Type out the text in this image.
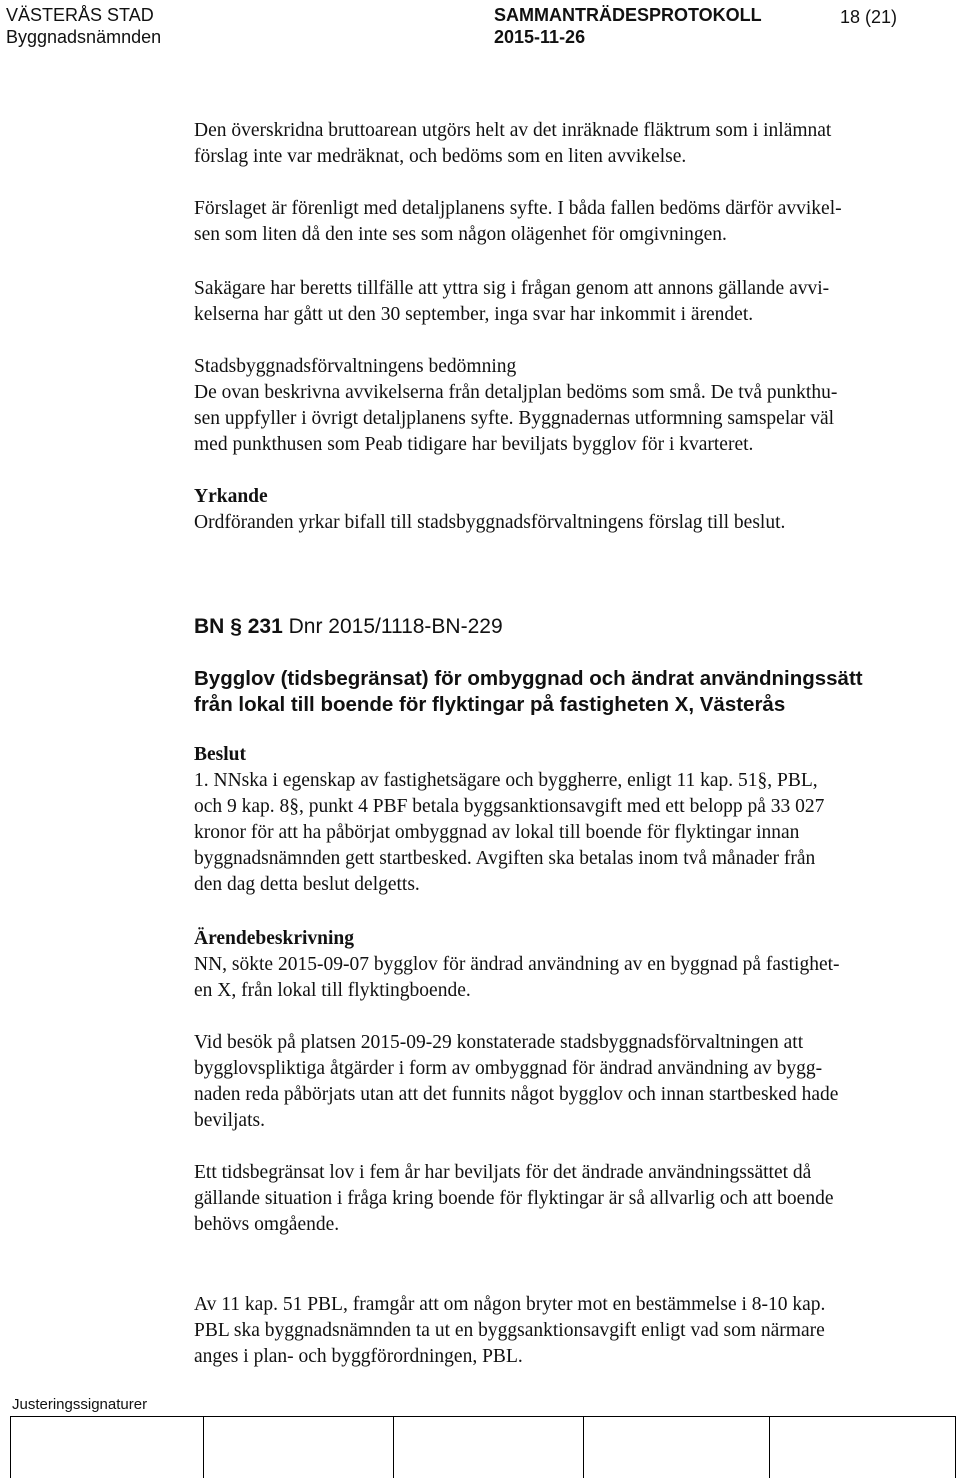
VÄSTERÅS STAD
Byggnadsnämnden
SAMMANTRÄDESPROTOKOLL
2015-11-26
18 (21)
Den överskridna bruttoarean utgörs helt av det inräknade fläktrum som i inlämnat
förslag inte var medräknat, och bedöms som en liten avvikelse.
Förslaget är förenligt med detaljplanens syfte. I båda fallen bedöms därför avvikel-
sen som liten då den inte ses som någon olägenhet för omgivningen.
Sakägare har beretts tillfälle att yttra sig i frågan genom att annons gällande avvi-
kelserna har gått ut den 30 september, inga svar har inkommit i ärendet.
Stadsbyggnadsförvaltningens bedömning
De ovan beskrivna avvikelserna från detaljplan bedöms som små. De två punkthu-
sen uppfyller i övrigt detaljplanens syfte. Byggnadernas utformning samspelar väl
med punkthusen som Peab tidigare har beviljats bygglov för i kvarteret.
Yrkande
Ordföranden yrkar bifall till stadsbyggnadsförvaltningens förslag till beslut.
BN § 231 Dnr 2015/1118-BN-229
Bygglov (tidsbegränsat) för ombyggnad och ändrat användningssätt
från lokal till boende för flyktingar på fastigheten X, Västerås
Beslut
1. NNska i egenskap av fastighetsägare och byggherre, enligt 11 kap. 51§, PBL,
och 9 kap. 8§, punkt 4 PBF betala byggsanktionsavgift med ett belopp på 33 027
kronor för att ha påbörjat ombyggnad av lokal till boende för flyktingar innan
byggnadsnämnden gett startbesked. Avgiften ska betalas inom två månader från
den dag detta beslut delgetts.
Ärendebeskrivning
NN, sökte 2015-09-07 bygglov för ändrad användning av en byggnad på fastighet-
en X, från lokal till flyktingboende.
Vid besök på platsen 2015-09-29 konstaterade stadsbyggnadsförvaltningen att
bygglovspliktiga åtgärder i form av ombyggnad för ändrad användning av bygg-
naden reda påbörjats utan att det funnits något bygglov och innan startbesked hade
beviljats.
Ett tidsbegränsat lov i fem år har beviljats för det ändrade användningssättet då
gällande situation i fråga kring boende för flyktingar är så allvarlig och att boende
behövs omgående.
Av 11 kap. 51 PBL, framgår att om någon bryter mot en bestämmelse i 8-10 kap.
PBL ska byggnadsnämnden ta ut en byggsanktionsavgift enligt vad som närmare
anges i plan- och byggförordningen, PBL.
Justeringssignaturer
